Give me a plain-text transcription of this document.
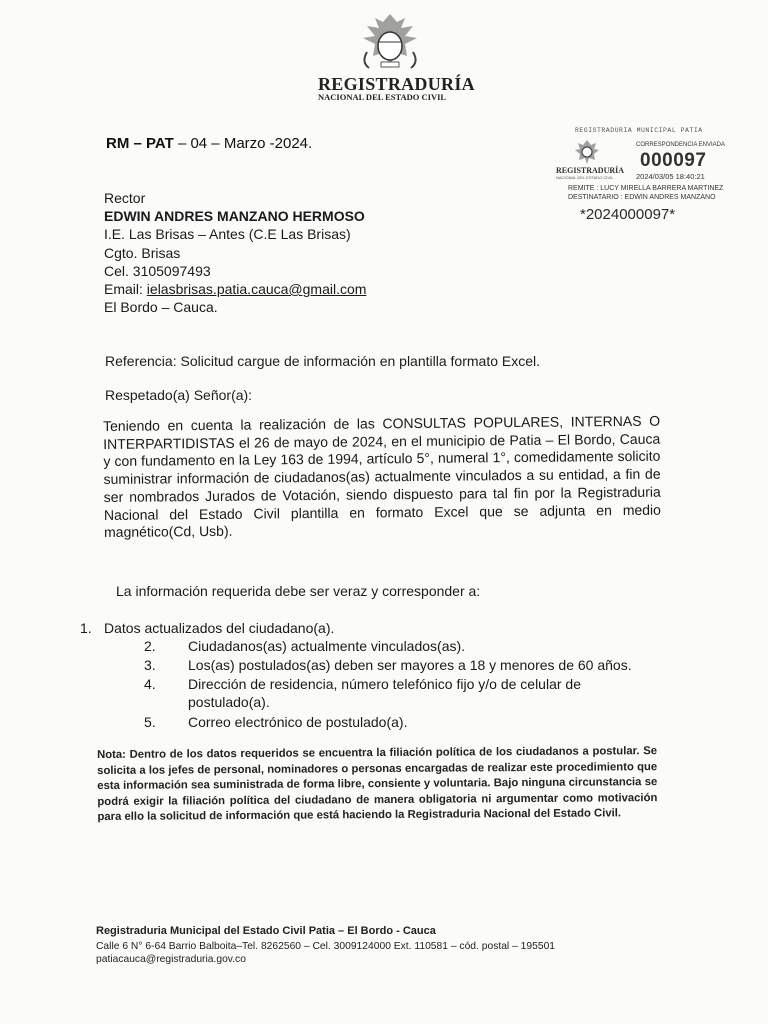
REGISTRADURÍA
NACIONAL DEL ESTADO CIVIL
REGISTRADURIA MUNICIPAL PATIA
REGISTRADURÍA
NACIONAL DEL ESTADO CIVIL
CORRESPONDENCIA ENVIADA
000097
2024/03/05 18:40:21
REMITE : LUCY MIRELLA BARRERA MARTINEZ
DESTINATARIO : EDWIN ANDRES MANZANO
*2024000097*
RM – PAT – 04 – Marzo -2024.
Rector
EDWIN ANDRES MANZANO HERMOSO
I.E. Las Brisas – Antes (C.E Las Brisas)
Cgto. Brisas
Cel. 3105097493
Email: ielasbrisas.patia.cauca@gmail.com
El Bordo – Cauca.
Referencia: Solicitud cargue de información en plantilla formato Excel.
Respetado(a) Señor(a):
Teniendo en cuenta la realización de las CONSULTAS POPULARES, INTERNAS O INTERPARTIDISTAS el 26 de mayo de 2024, en el municipio de Patia – El Bordo, Cauca y con fundamento en la Ley 163 de 1994, artículo 5°, numeral 1°, comedidamente solicito suministrar información de ciudadanos(as) actualmente vinculados a su entidad, a fin de ser nombrados Jurados de Votación, siendo dispuesto para tal fin por la Registraduria Nacional del Estado Civil plantilla en formato Excel que se adjunta en medio magnético(Cd, Usb).
La información requerida debe ser veraz y corresponder a:
1. Datos actualizados del ciudadano(a).
2. Ciudadanos(as) actualmente vinculados(as).
3. Los(as) postulados(as) deben ser mayores a 18 y menores de 60 años.
4. Dirección de residencia, número telefónico fijo y/o de celular de
postulado(a).
5. Correo electrónico de postulado(a).
Nota: Dentro de los datos requeridos se encuentra la filiación política de los ciudadanos a postular. Se solicita a los jefes de personal, nominadores o personas encargadas de realizar este procedimiento que esta información sea suministrada de forma libre, consiente y voluntaria. Bajo ninguna circunstancia se podrá exigir la filiación política del ciudadano de manera obligatoria ni argumentar como motivación para ello la solicitud de información que está haciendo la Registraduria Nacional del Estado Civil.
Registraduria Municipal del Estado Civil Patia – El Bordo - Cauca
Calle 6 N° 6-64 Barrio Balboita–Tel. 8262560 – Cel. 3009124000 Ext. 110581 – cód. postal – 195501
patiacauca@registraduria.gov.co
